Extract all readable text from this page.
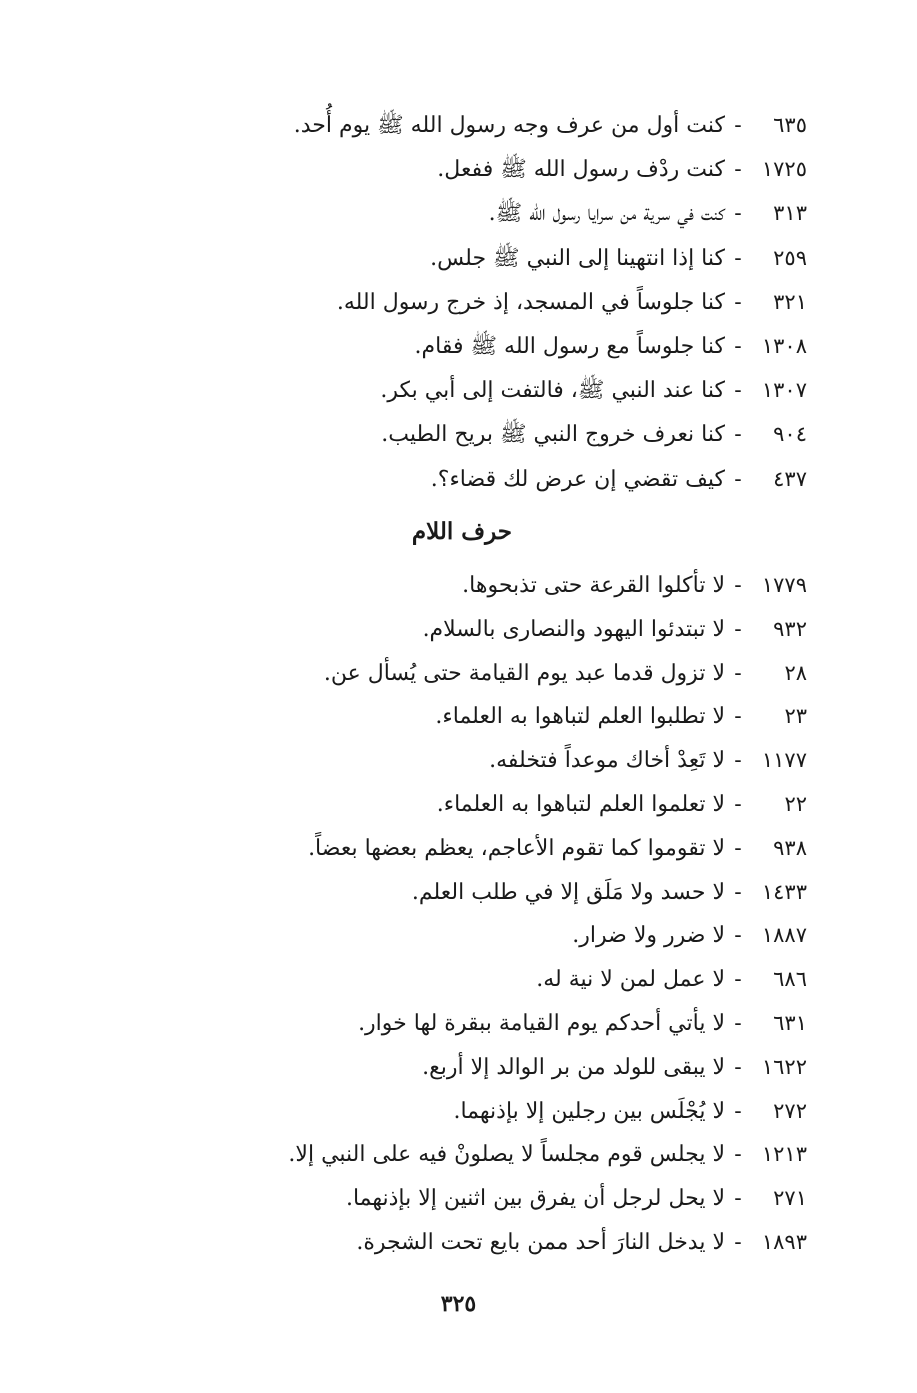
٦٣٥
-
كنت أول من عرف وجه رسول الله ﷺ يوم أُحد.
١٧٢٥
-
كنت ردْف رسول الله ﷺ ففعل.
٣١٣
-
كنت في سرية من سرايا رسول الله ﷺ.
٢٥٩
-
كنا إذا انتهينا إلى النبي ﷺ جلس.
٣٢١
-
كنا جلوساً في المسجد، إذ خرج رسول الله.
١٣٠٨
-
كنا جلوساً مع رسول الله ﷺ فقام.
١٣٠٧
-
كنا عند النبي ﷺ، فالتفت إلى أبي بكر.
٩٠٤
-
كنا نعرف خروج النبي ﷺ بريح الطيب.
٤٣٧
-
كيف تقضي إن عرض لك قضاء؟.
حرف اللام
١٧٧٩
-
لا تأكلوا القرعة حتى تذبحوها.
٩٣٢
-
لا تبتدئوا اليهود والنصارى بالسلام.
٢٨
-
لا تزول قدما عبد يوم القيامة حتى يُسأل عن.
٢٣
-
لا تطلبوا العلم لتباهوا به العلماء.
١١٧٧
-
لا تَعِدْ أخاك موعداً فتخلفه.
٢٢
-
لا تعلموا العلم لتباهوا به العلماء.
٩٣٨
-
لا تقوموا كما تقوم الأعاجم، يعظم بعضها بعضاً.
١٤٣٣
-
لا حسد ولا مَلَق إلا في طلب العلم.
١٨٨٧
-
لا ضرر ولا ضرار.
٦٨٦
-
لا عمل لمن لا نية له.
٦٣١
-
لا يأتي أحدكم يوم القيامة ببقرة لها خوار.
١٦٢٢
-
لا يبقى للولد من بر الوالد إلا أربع.
٢٧٢
-
لا يُجْلَس بين رجلين إلا بإذنهما.
١٢١٣
-
لا يجلس قوم مجلساً لا يصلونْ فيه على النبي إلا.
٢٧١
-
لا يحل لرجل أن يفرق بين اثنين إلا بإذنهما.
١٨٩٣
-
لا يدخل النارَ أحد ممن بايع تحت الشجرة.
٣٢٥
